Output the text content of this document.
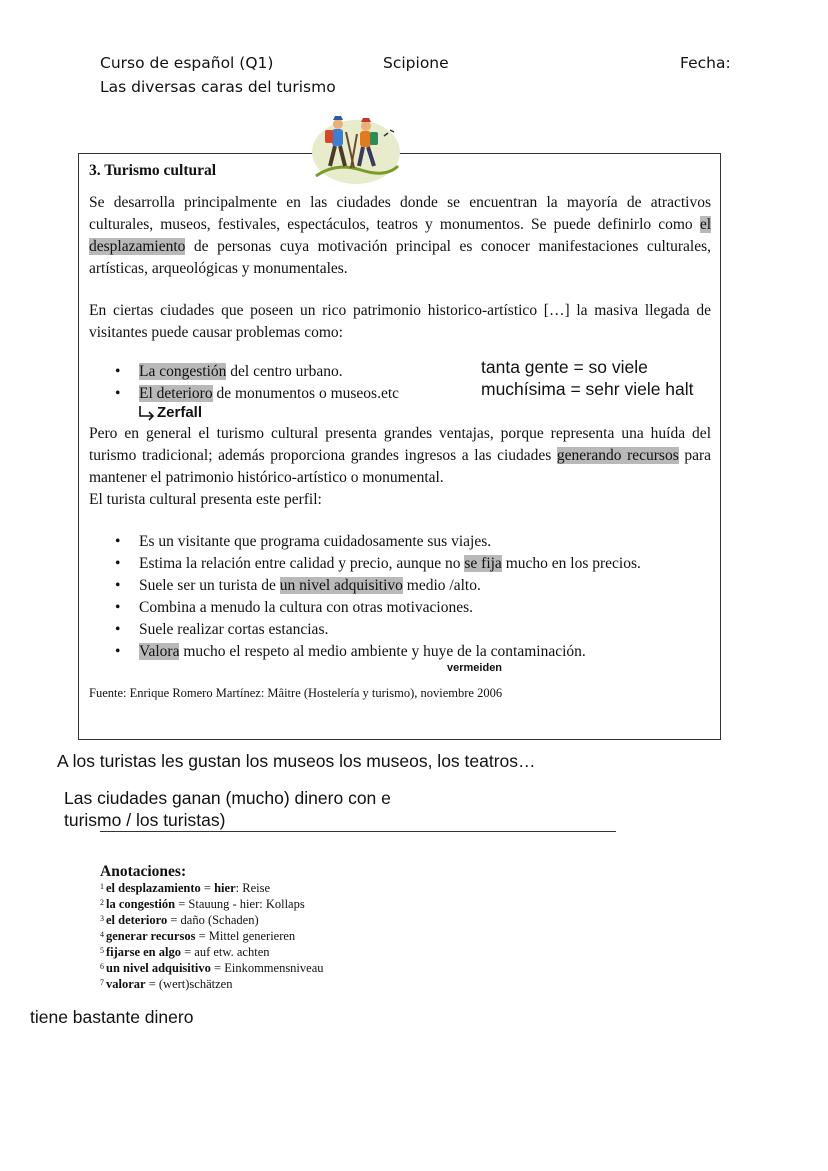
Curso de español (Q1)	Scipione	Fecha:
Las diversas caras del turismo
3. Turismo cultural

Se desarrolla principalmente en las ciudades donde se encuentran la mayoría de atractivos culturales, museos, festivales, espectáculos, teatros y monumentos. Se puede definirlo como el desplazamiento de personas cuya motivación principal es conocer manifestaciones culturales, artísticas, arqueológicas y monumentales.

En ciertas ciudades que poseen un rico patrimonio historico-artístico […] la masiva llegada de visitantes puede causar problemas como:

• La congestión del centro urbano.
• El deterioro de monumentos o museos.etc
tanta gente = so viele
muchísima = sehr viele halt
Zerfall

Pero en general el turismo cultural presenta grandes ventajas, porque representa una huída del turismo tradicional; además proporciona grandes ingresos a las ciudades generando recursos para mantener el patrimonio histórico-artístico o monumental.

El turista cultural presenta este perfil:
• Es un visitante que programa cuidadosamente sus viajes.
• Estima la relación entre calidad y precio, aunque no se fija mucho en los precios.
• Suele ser un turista de un nivel adquisitivo medio /alto.
• Combina a menudo la cultura con otras motivaciones.
• Suele realizar cortas estancias.
• Valora mucho el respeto al medio ambiente y huye de la contaminación.
vermeiden
Fuente: Enrique Romero Martínez: Mâitre (Hostelería y turismo), noviembre 2006
A los turistas les gustan los museos los museos, los teatros…
Las ciudades ganan (mucho) dinero con e
turismo / los turistas)
Anotaciones:
$^1$ el desplazamiento = hier: Reise
$^2$ la congestión = Stauung - hier: Kollaps
$^3$ el deterioro = daño (Schaden)
$^4$ generar recursos = Mittel generieren
$^5$ fijarse en algo = auf etw. achten
$^6$ un nivel adquisitivo = Einkommensniveau
$^7$ valorar = (wert)schätzen
tiene bastante dinero
